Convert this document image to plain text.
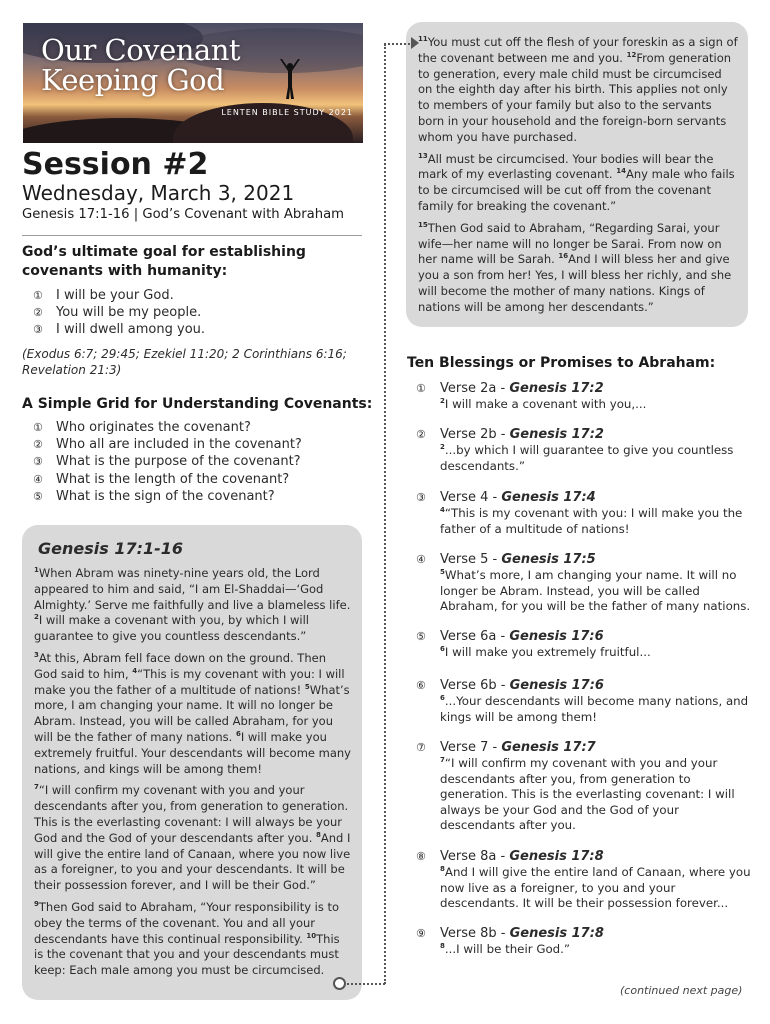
Our Covenant
Keeping God
LENTEN BIBLE STUDY 2021
Session #2
Wednesday, March 3, 2021
Genesis 17:1-16 | God’s Covenant with Abraham
God’s ultimate goal for establishing covenants with humanity:
①	I will be your God.
②	You will be my people.
③	I will dwell among you.
(Exodus 6:7; 29:45; Ezekiel 11:20; 2 Corinthians 6:16; Revelation 21:3)
A Simple Grid for Understanding Covenants:
①	Who originates the covenant?
②	Who all are included in the covenant?
③	What is the purpose of the covenant?
④	What is the length of the covenant?
⑤	What is the sign of the covenant?
Genesis 17:1-16

$^1$When Abram was ninety-nine years old, the Lord appeared to him and said, “I am El-Shaddai—‘God Almighty.’ Serve me faithfully and live a blameless life. $^2$I will make a covenant with you, by which I will guarantee to give you countless descendants.”

$^3$At this, Abram fell face down on the ground. Then God said to him, $^4$“This is my covenant with you: I will make you the father of a multitude of nations! $^5$What’s more, I am changing your name. It will no longer be Abram. Instead, you will be called Abraham, for you will be the father of many nations. $^6$I will make you extremely fruitful. Your descendants will become many nations, and kings will be among them!

$^7$“I will confirm my covenant with you and your descendants after you, from generation to generation. This is the everlasting covenant: I will always be your God and the God of your descendants after you. $^8$And I will give the entire land of Canaan, where you now live as a foreigner, to you and your descendants. It will be their possession forever, and I will be their God.”

$^9$Then God said to Abraham, “Your responsibility is to obey the terms of the covenant. You and all your descendants have this continual responsibility. $^{10}$This is the covenant that you and your descendants must keep: Each male among you must be circumcised.

$^{11}$You must cut off the flesh of your foreskin as a sign of the covenant between me and you. $^{12}$From generation to generation, every male child must be circumcised on the eighth day after his birth. This applies not only to members of your family but also to the servants born in your household and the foreign-born servants whom you have purchased.

$^{13}$All must be circumcised. Your bodies will bear the mark of my everlasting covenant. $^{14}$Any male who fails to be circumcised will be cut off from the covenant family for breaking the covenant.”

$^{15}$Then God said to Abraham, “Regarding Sarai, your wife—her name will no longer be Sarai. From now on her name will be Sarah. $^{16}$And I will bless her and give you a son from her! Yes, I will bless her richly, and she will become the mother of many nations. Kings of nations will be among her descendants.”

Ten Blessings or Promises to Abraham:
①	Verse 2a - Genesis 17:2
$^2$I will make a covenant with you,...
②	Verse 2b - Genesis 17:2
$^2$...by which I will guarantee to give you countless descendants.”
③	Verse 4 - Genesis 17:4
$^4$“This is my covenant with you: I will make you the father of a multitude of nations!
④	Verse 5 - Genesis 17:5
$^5$What’s more, I am changing your name. It will no longer be Abram. Instead, you will be called Abraham, for you will be the father of many nations.
⑤	Verse 6a - Genesis 17:6
$^6$I will make you extremely fruitful...
⑥	Verse 6b - Genesis 17:6
$^6$...Your descendants will become many nations, and kings will be among them!
⑦	Verse 7 - Genesis 17:7
$^7$“I will confirm my covenant with you and your descendants after you, from generation to generation. This is the everlasting covenant: I will always be your God and the God of your descendants after you.
⑧	Verse 8a - Genesis 17:8
$^8$And I will give the entire land of Canaan, where you now live as a foreigner, to you and your descendants. It will be their possession forever...
⑨	Verse 8b - Genesis 17:8
$^8$...I will be their God.”
(continued next page)
